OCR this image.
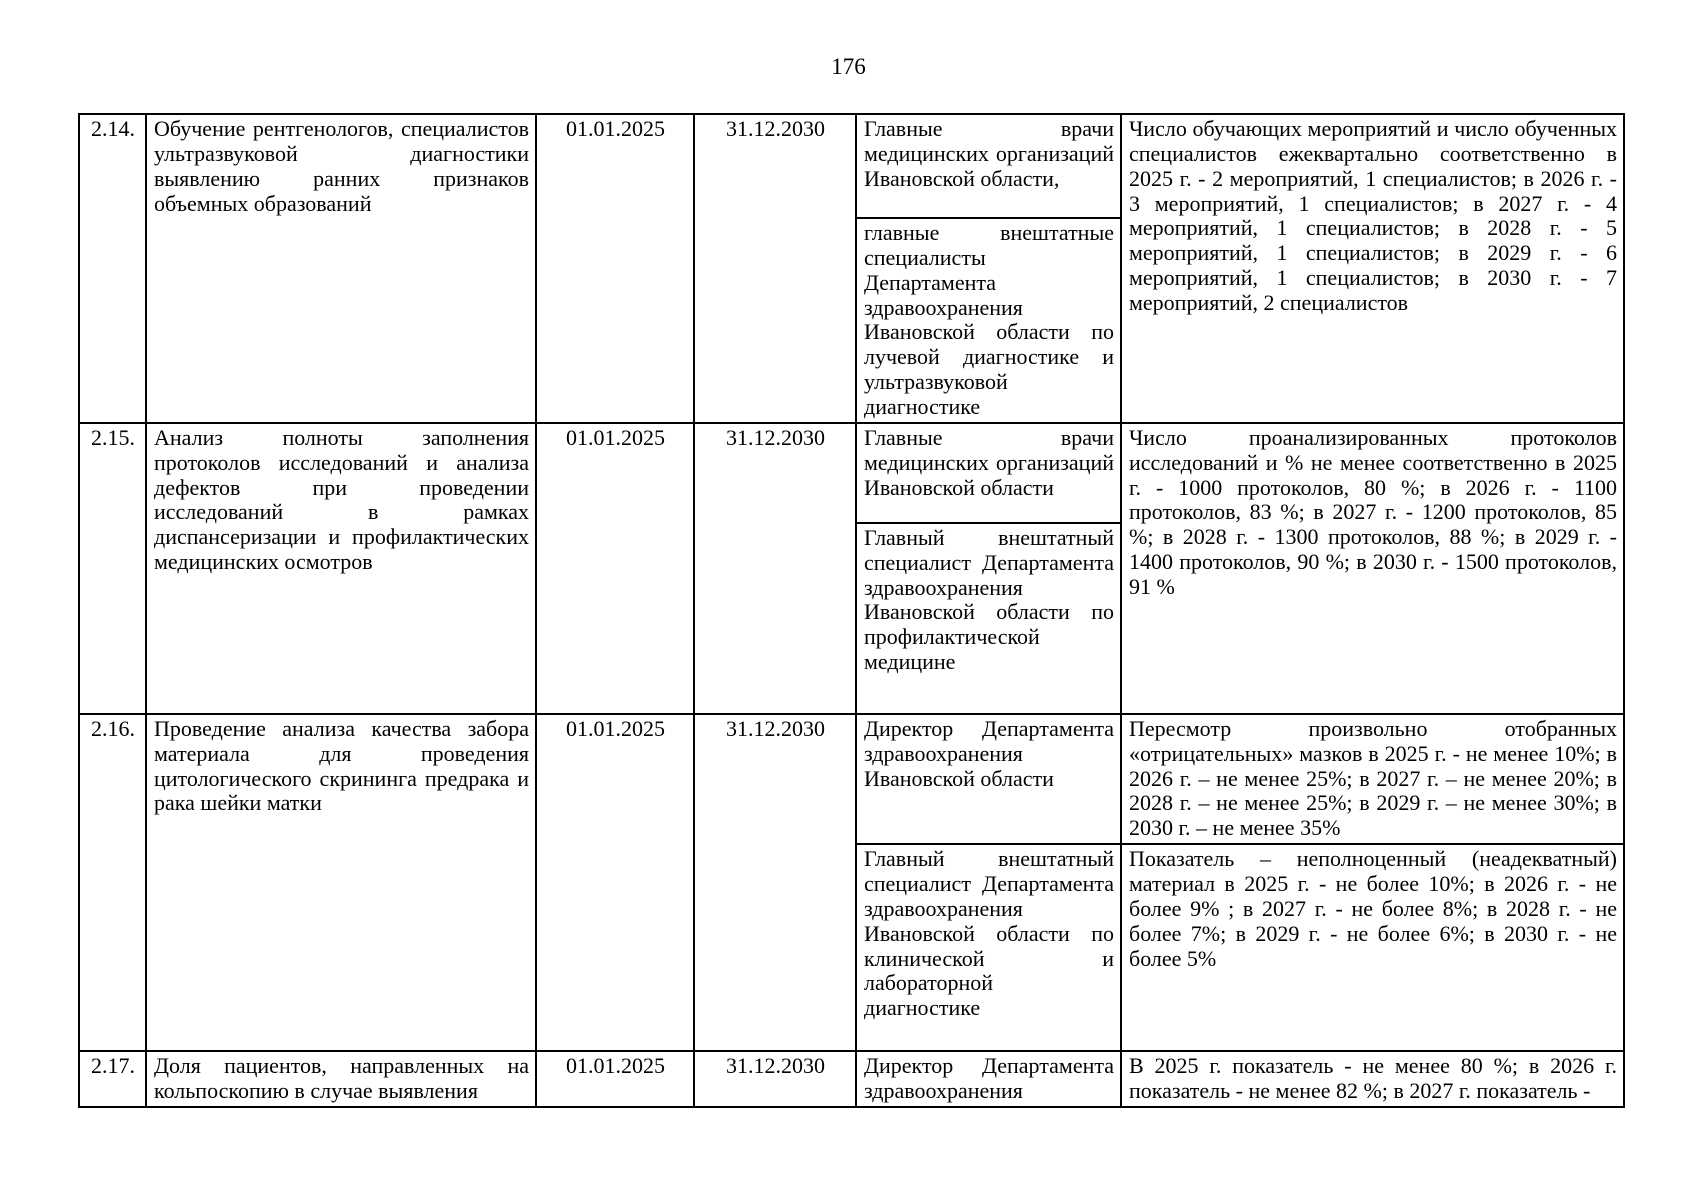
176
2.14.	Обучение рентгенологов, специалистов ультразвуковой диагностики выявлению ранних признаков объемных образований	01.01.2025	31.12.2030	Главные врачи медицинских организаций Ивановской области,	Число обучающих мероприятий и число обученных специалистов ежеквартально соответственно в 2025 г. - 2 мероприятий, 1 специалистов; в 2026 г. - 3 мероприятий, 1 специалистов; в 2027 г. - 4 мероприятий, 1 специалистов; в 2028 г. - 5 мероприятий, 1 специалистов; в 2029 г. - 6 мероприятий, 1 специалистов; в 2030 г. - 7 мероприятий, 2 специалистов
				главные внештатные специалисты Департамента здравоохранения Ивановской области по лучевой диагностике и ультразвуковой диагностике	
2.15.	Анализ полноты заполнения протоколов исследований и анализа дефектов при проведении исследований в рамках диспансеризации и профилактических медицинских осмотров	01.01.2025	31.12.2030	Главные врачи медицинских организаций Ивановской области	Число проанализированных протоколов исследований и % не менее соответственно в 2025 г. - 1000 протоколов, 80 %; в 2026 г. - 1100 протоколов, 83 %; в 2027 г. - 1200 протоколов, 85 %; в 2028 г. - 1300 протоколов, 88 %; в 2029 г. - 1400 протоколов, 90 %; в 2030 г. - 1500 протоколов, 91 %
				Главный внештатный специалист Департамента здравоохранения Ивановской области по профилактической медицине	
2.16.	Проведение анализа качества забора материала для проведения цитологического скрининга предрака и рака шейки матки	01.01.2025	31.12.2030	Директор Департамента здравоохранения Ивановской области	Пересмотр произвольно отобранных «отрицательных» мазков в 2025 г. - не менее 10%; в 2026 г. – не менее 25%; в 2027 г. – не менее 20%; в 2028 г. – не менее 25%; в 2029 г. – не менее 30%; в 2030 г. – не менее 35%
				Главный внештатный специалист Департамента здравоохранения Ивановской области по клинической и лабораторной диагностике	Показатель – неполноценный (неадекватный) материал в 2025 г. - не более 10%; в 2026 г. - не более 9% ; в 2027 г. - не более 8%; в 2028 г. - не более 7%; в 2029 г. - не более 6%; в 2030 г. - не более 5%
2.17.	Доля пациентов, направленных на кольпоскопию в случае выявления	01.01.2025	31.12.2030	Директор Департамента здравоохранения	В 2025 г. показатель - не менее 80 %; в 2026 г. показатель - не менее 82 %; в 2027 г. показатель -
